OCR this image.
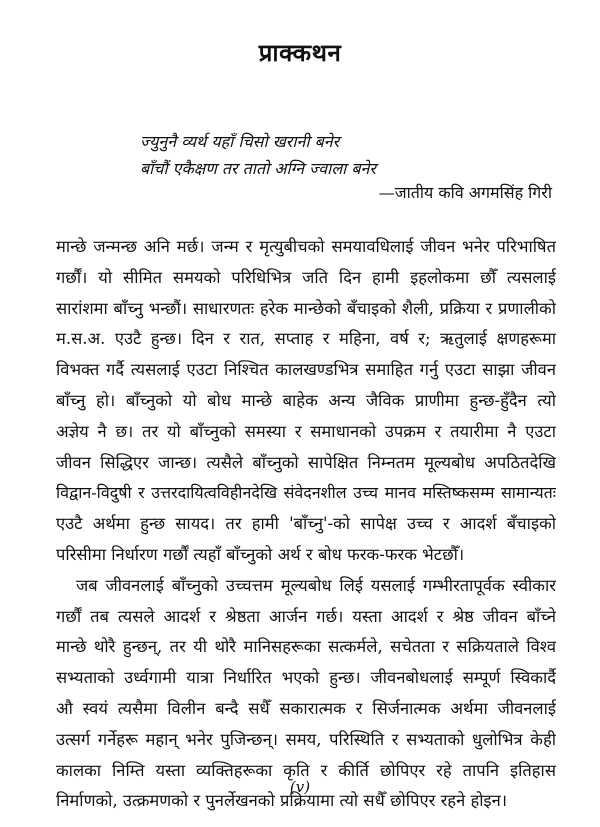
प्राक्कथन
ज्युनुनै व्यर्थ यहाँ चिसो खरानी बनेर
बाँचौं एकैक्षण तर तातो अग्नि ज्वाला बनेर
—जातीय कवि अगमसिंह गिरी
मान्छे जन्मन्छ अनि मर्छ। जन्म र मृत्युबीचको समयावधिलाई जीवन भनेर परिभाषित
गर्छौं। यो सीमित समयको परिधिभित्र जति दिन हामी इहलोकमा छौँ त्यसलाई
सारांशमा बाँच्नु भन्छौं। साधारणतः हरेक मान्छेको बँचाइको शैली, प्रक्रिया र प्रणालीको
म.स.अ. एउटै हुन्छ। दिन र रात, सप्ताह र महिना, वर्ष र; ऋतुलाई क्षणहरूमा
विभक्त गर्दै त्यसलाई एउटा निश्चित कालखण्डभित्र समाहित गर्नु एउटा साझा जीवन
बाँच्नु हो। बाँच्नुको यो बोध मान्छे बाहेक अन्य जैविक प्राणीमा हुन्छ-हुँदैन त्यो
अज्ञेय नै छ। तर यो बाँच्नुको समस्या र समाधानको उपक्रम र तयारीमा नै एउटा
जीवन सिद्धिएर जान्छ। त्यसैले बाँच्नुको सापेक्षित निम्नतम मूल्यबोध अपठितदेखि
विद्वान-विदुषी र उत्तरदायित्वविहीनदेखि संवेदनशील उच्च मानव मस्तिष्कसम्म सामान्यतः
एउटै अर्थमा हुन्छ सायद। तर हामी 'बाँच्नु'-को सापेक्ष उच्च र आदर्श बँचाइको
परिसीमा निर्धारण गर्छौं त्यहाँ बाँच्नुको अर्थ र बोध फरक-फरक भेटछौँ।
जब जीवनलाई बाँच्नुको उच्चत्तम मूल्यबोध लिई यसलाई गम्भीरतापूर्वक स्वीकार
गर्छौं तब त्यसले आदर्श र श्रेष्ठता आर्जन गर्छ। यस्ता आदर्श र श्रेष्ठ जीवन बाँच्ने
मान्छे थोरै हुन्छन्, तर यी थोरै मानिसहरूका सत्कर्मले, सचेतता र सक्रियताले विश्व
सभ्यताको उर्ध्वगामी यात्रा निर्धारित भएको हुन्छ। जीवनबोधलाई सम्पूर्ण स्विकार्दै
औ स्वयं त्यसैमा विलीन बन्दै सधैँ सकारात्मक र सिर्जनात्मक अर्थमा जीवनलाई
उत्सर्ग गर्नेहरू महान् भनेर पुजिन्छन्। समय, परिस्थिति र सभ्यताको धुलोभित्र केही
कालका निम्ति यस्ता व्यक्तिहरूका कृति र कीर्ति छोपिएर रहे तापनि इतिहास
निर्माणको, उत्क्रमणको र पुनर्लेखनको प्रक्रियामा त्यो सधैँ छोपिएर रहने होइन।
(v)
